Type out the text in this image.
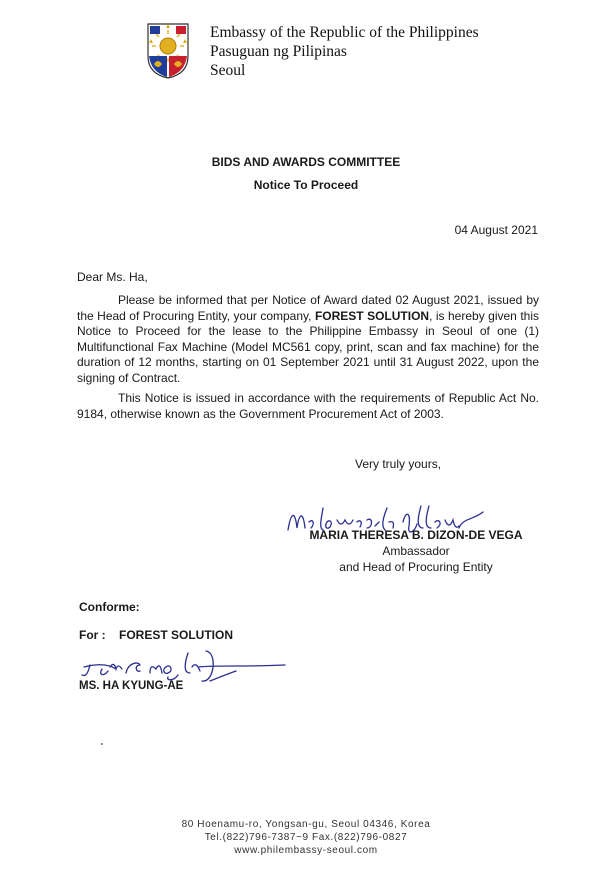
Embassy of the Republic of the Philippines
Pasuguan ng Pilipinas
Seoul
BIDS AND AWARDS COMMITTEE
Notice To Proceed
04 August 2021
Dear Ms. Ha,

Please be informed that per Notice of Award dated 02 August 2021, issued by the Head of Procuring Entity, your company, FOREST SOLUTION, is hereby given this Notice to Proceed for the lease to the Philippine Embassy in Seoul of one (1) Multifunctional Fax Machine (Model MC561 copy, print, scan and fax machine) for the duration of 12 months, starting on 01 September 2021 until 31 August 2022, upon the signing of Contract.

This Notice is issued in accordance with the requirements of Republic Act No. 9184, otherwise known as the Government Procurement Act of 2003.

Very truly yours,
MARIA THERESA B. DIZON-DE VEGA
Ambassador
and Head of Procuring Entity
Conforme:
For : FOREST SOLUTION
MS. HA KYUNG-AE
80 Hoenamu-ro, Yongsan-gu, Seoul 04346, Korea
Tel.(822)796-7387~9 Fax.(822)796-0827
www.philembassy-seoul.com
